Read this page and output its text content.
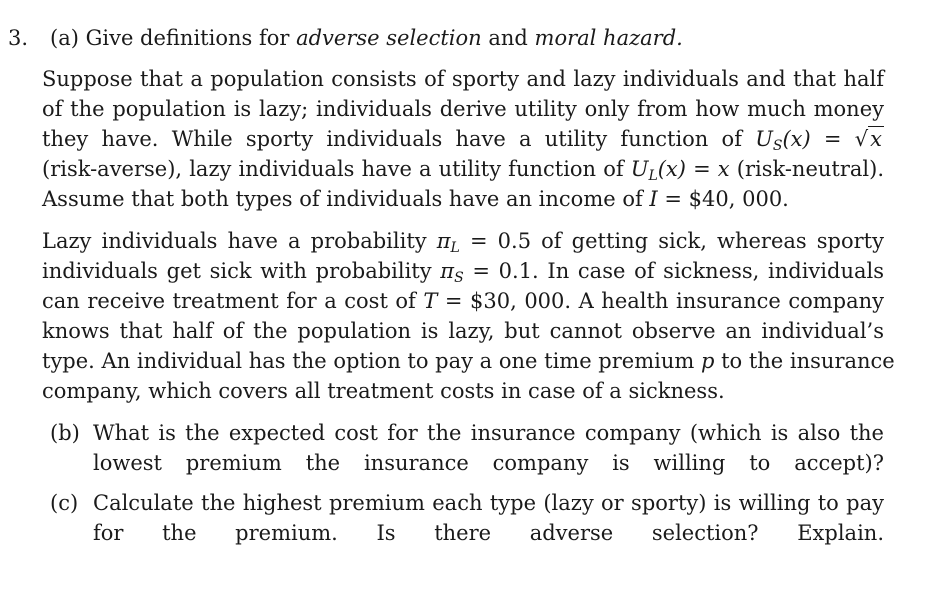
3. (a) Give definitions for adverse selection and moral hazard.
Suppose that a population consists of sporty and lazy individuals and that half
of the population is lazy; individuals derive utility only from how much money
they have. While sporty individuals have a utility function of $U_S(x) = √x$
(risk-averse), lazy individuals have a utility function of $U_L(x) = x$ (risk-neutral).
Assume that both types of individuals have an income of I = $40, 000.
Lazy individuals have a probability $\pi_L = 0.5$ of getting sick, whereas sporty
individuals get sick with probability $\pi_S = 0.1$. In case of sickness, individuals
can receive treatment for a cost of T = $30, 000. A health insurance company
knows that half of the population is lazy, but cannot observe an individual’s
type. An individual has the option to pay a one time premium p to the insurance
company, which covers all treatment costs in case of a sickness.
(b) What is the expected cost for the insurance company (which is also the
lowest premium the insurance company is willing to accept)?
(c) Calculate the highest premium each type (lazy or sporty) is willing to pay
for the premium. Is there adverse selection? Explain.
